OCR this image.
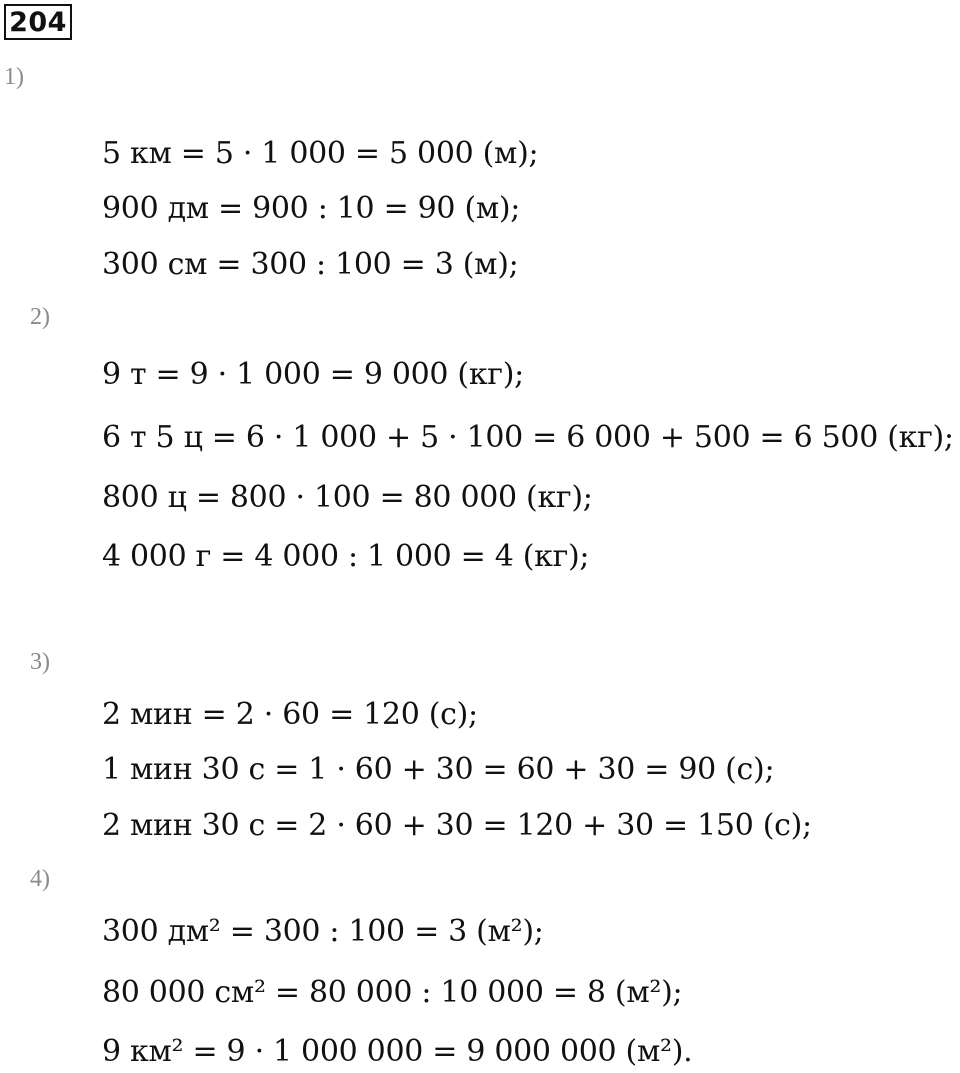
204
1)
5 км = 5 · 1 000 = 5 000 (м);
900 дм = 900 : 10 = 90 (м);
300 см = 300 : 100 = 3 (м);
2)
9 т = 9 · 1 000 = 9 000 (кг);
6 т 5 ц = 6 · 1 000 + 5 · 100 = 6 000 + 500 = 6 500 (кг);
800 ц = 800 · 100 = 80 000 (кг);
4 000 г = 4 000 : 1 000 = 4 (кг);
3)
2 мин = 2 · 60 = 120 (с);
1 мин 30 с = 1 · 60 + 30 = 60 + 30 = 90 (с);
2 мин 30 с = 2 · 60 + 30 = 120 + 30 = 150 (с);
4)
300 дм² = 300 : 100 = 3 (м²);
80 000 см² = 80 000 : 10 000 = 8 (м²);
9 км² = 9 · 1 000 000 = 9 000 000 (м²).
